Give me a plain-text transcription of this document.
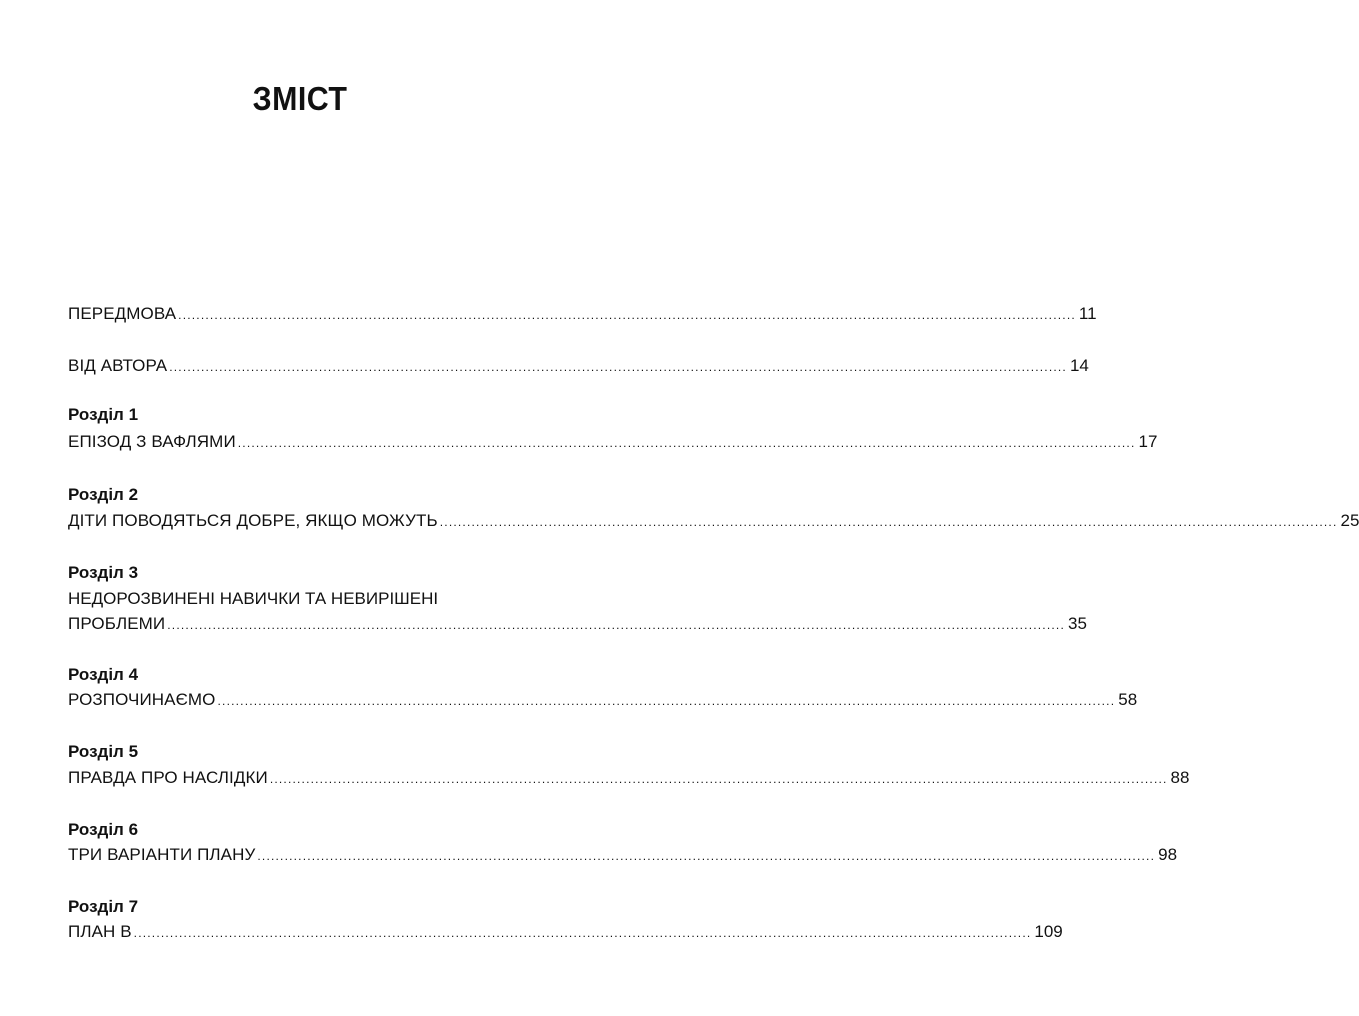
ЗМІСТ
ПЕРЕДМОВА ...................................................................................................................................................................................................... 11
ВІД АВТОРА ...................................................................................................................................................................................................... 14
Розділ 1
ЕПІЗОД З ВАФЛЯМИ ...................................................................................................................................................................................................... 17
Розділ 2
ДІТИ ПОВОДЯТЬСЯ ДОБРЕ, ЯКЩО МОЖУТЬ ...................................................................................................................................................................................................... 25
Розділ 3
НЕДОРОЗВИНЕНІ НАВИЧКИ ТА НЕВИРІШЕНІ
ПРОБЛЕМИ ...................................................................................................................................................................................................... 35
Розділ 4
РОЗПОЧИНАЄМО ...................................................................................................................................................................................................... 58
Розділ 5
ПРАВДА ПРО НАСЛІДКИ ...................................................................................................................................................................................................... 88
Розділ 6
ТРИ ВАРІАНТИ ПЛАНУ ...................................................................................................................................................................................................... 98
Розділ 7
ПЛАН В ...................................................................................................................................................................................................... 109
